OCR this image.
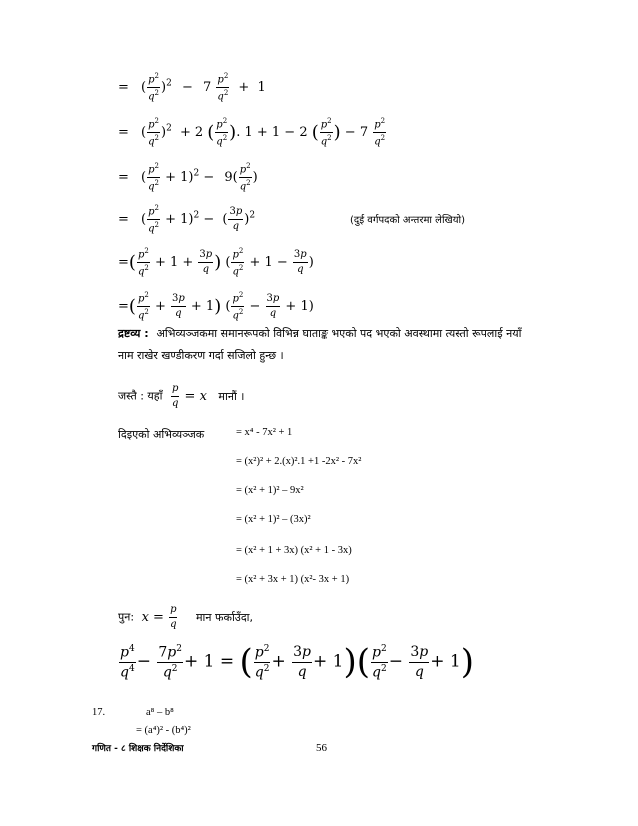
= ( $\frac{p^2}{q^2} )^2 - 7 \frac{p^2}{q^2} + 1$
= ( $\frac{p^2}{q^2} )^2 + 2$ ( $\frac{p^2}{q^2}$ ). 1 + 1 − 2 ( $\frac{p^2}{q^2}$ ) − $7 \frac{p^2}{q^2}$
= ( $\frac{p^2}{q^2} + 1)^2 - 9( \frac{p^2}{q^2}$ )
= ( $\frac{p^2}{q^2} + 1)^2$ − ( $\frac{3p}{q} )^2$	(दुई वर्गपदको अन्तरमा लेखियो)
=( $\frac{p^2}{q^2} + 1 + \frac{3p}{q}$ ) ( $\frac{p^2}{q^2} + 1 - \frac{3p}{q}$ )
=( $\frac{p^2}{q^2} + \frac{3p}{q} + 1$) ( $\frac{p^2}{q^2} - \frac{3p}{q} + 1$)
द्रष्टव्य : अभिव्यञ्जकमा समानरूपको विभिन्न घाताङ्क भएको पद भएको अवस्थामा त्यस्तो रूपलाई नयाँ
नाम राखेर खण्डीकरण गर्दा सजिलो हुन्छ ।
जस्तै : यहाँ $\frac{p}{q} = x$ मानौं ।
दिइएको अभिव्यञ्जक	= x⁴ - 7x² + 1
= (x²)² + 2.(x)².1 +1 -2x² - 7x²
= (x² + 1)² – 9x²
= (x² + 1)² – (3x)²
= (x² + 1 + 3x) (x² + 1 - 3x)
= (x² + 3x + 1) (x²- 3x + 1)
पुन: $x = \frac{p}{q}$ मान फर्काउँदा,
$\frac{p^4}{q^4} - \frac{7p^2}{q^2} + 1$ = ( $\frac{p^2}{q^2} + \frac{3p}{q} + 1)( \frac{p^2}{q^2} - \frac{3p}{q} + 1)$
17.	a⁸ – b⁸
= (a⁴)² - (b⁴)²
गणित - ८ शिक्षक निर्देशिका	56
